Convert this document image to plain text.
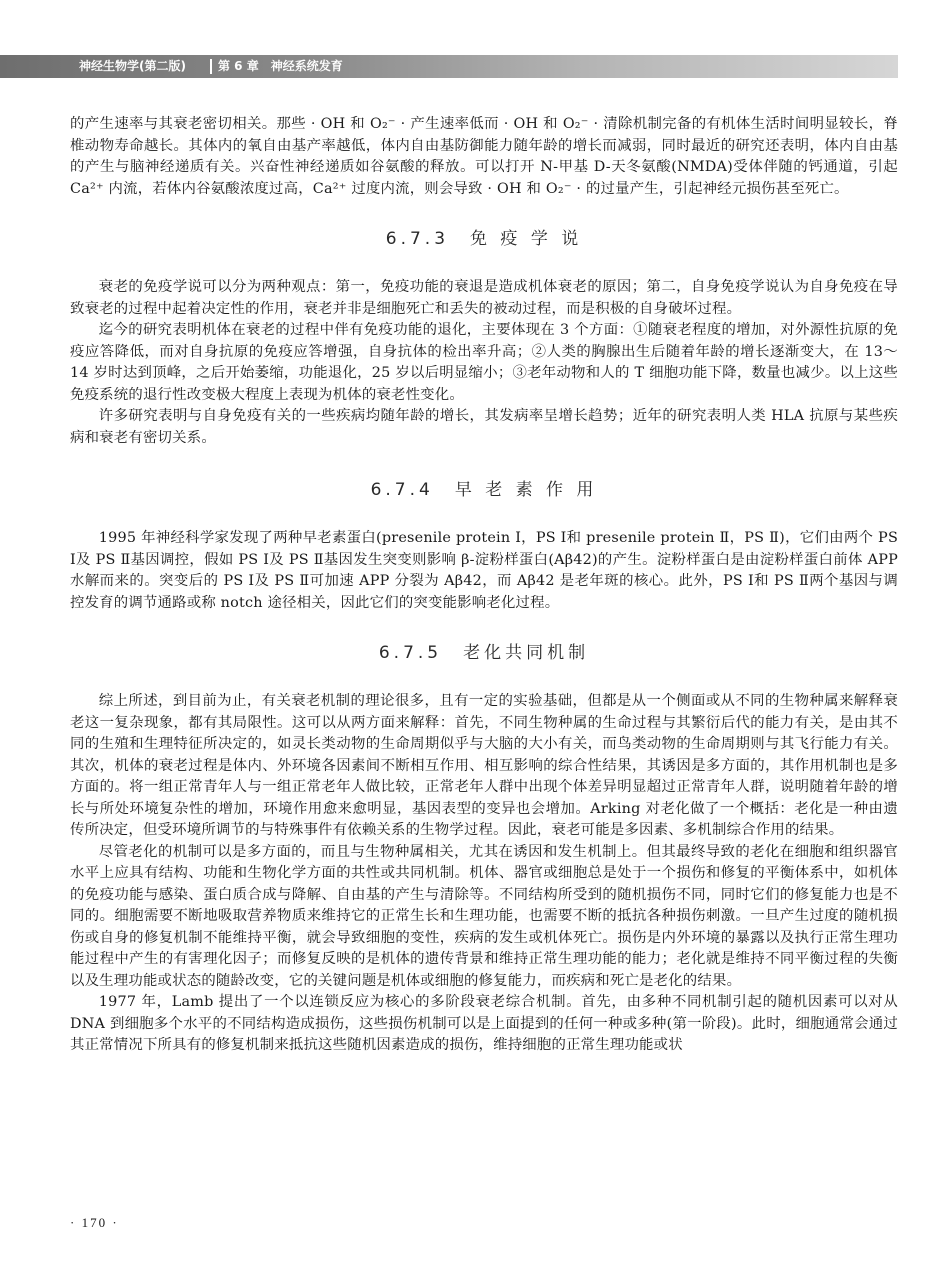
神经生物学(第二版)	第 6 章　神经系统发育

的产生速率与其衰老密切相关。那些 · OH 和 O₂⁻ · 产生速率低而 · OH 和 O₂⁻ · 清除机制完备的有机体生活时间明显较长，脊椎动物寿命越长。其体内的氧自由基产率越低，体内自由基防御能力随年龄的增长而减弱，同时最近的研究还表明，体内自由基的产生与脑神经递质有关。兴奋性神经递质如谷氨酸的释放。可以打开 N-甲基 D-天冬氨酸(NMDA)受体伴随的钙通道，引起 Ca²⁺ 内流，若体内谷氨酸浓度过高，Ca²⁺ 过度内流，则会导致 · OH 和 O₂⁻ · 的过量产生，引起神经元损伤甚至死亡。

6.7.3　免 疫 学 说

衰老的免疫学说可以分为两种观点：第一，免疫功能的衰退是造成机体衰老的原因；第二，自身免疫学说认为自身免疫在导致衰老的过程中起着决定性的作用，衰老并非是细胞死亡和丢失的被动过程，而是积极的自身破坏过程。

迄今的研究表明机体在衰老的过程中伴有免疫功能的退化，主要体现在 3 个方面：①随衰老程度的增加，对外源性抗原的免疫应答降低，而对自身抗原的免疫应答增强，自身抗体的检出率升高；②人类的胸腺出生后随着年龄的增长逐渐变大，在 13～14 岁时达到顶峰，之后开始萎缩，功能退化，25 岁以后明显缩小；③老年动物和人的 T 细胞功能下降，数量也减少。以上这些免疫系统的退行性改变极大程度上表现为机体的衰老性变化。

许多研究表明与自身免疫有关的一些疾病均随年龄的增长，其发病率呈增长趋势；近年的研究表明人类 HLA 抗原与某些疾病和衰老有密切关系。

6.7.4　早 老 素 作 用

1995 年神经科学家发现了两种早老素蛋白(presenile protein Ⅰ，PS Ⅰ和 presenile protein Ⅱ，PS Ⅱ)，它们由两个 PS Ⅰ及 PS Ⅱ基因调控，假如 PS Ⅰ及 PS Ⅱ基因发生突变则影响 β-淀粉样蛋白(Aβ42)的产生。淀粉样蛋白是由淀粉样蛋白前体 APP 水解而来的。突变后的 PS Ⅰ及 PS Ⅱ可加速 APP 分裂为 Aβ42，而 Aβ42 是老年斑的核心。此外，PS Ⅰ和 PS Ⅱ两个基因与调控发育的调节通路或称 notch 途径相关，因此它们的突变能影响老化过程。

6.7.5　老化共同机制

综上所述，到目前为止，有关衰老机制的理论很多，且有一定的实验基础，但都是从一个侧面或从不同的生物种属来解释衰老这一复杂现象，都有其局限性。这可以从两方面来解释：首先，不同生物种属的生命过程与其繁衍后代的能力有关，是由其不同的生殖和生理特征所决定的，如灵长类动物的生命周期似乎与大脑的大小有关，而鸟类动物的生命周期则与其飞行能力有关。其次，机体的衰老过程是体内、外环境各因素间不断相互作用、相互影响的综合性结果，其诱因是多方面的，其作用机制也是多方面的。将一组正常青年人与一组正常老年人做比较，正常老年人群中出现个体差异明显超过正常青年人群，说明随着年龄的增长与所处环境复杂性的增加，环境作用愈来愈明显，基因表型的变异也会增加。Arking 对老化做了一个概括：老化是一种由遗传所决定，但受环境所调节的与特殊事件有依赖关系的生物学过程。因此，衰老可能是多因素、多机制综合作用的结果。

尽管老化的机制可以是多方面的，而且与生物种属相关，尤其在诱因和发生机制上。但其最终导致的老化在细胞和组织器官水平上应具有结构、功能和生物化学方面的共性或共同机制。机体、器官或细胞总是处于一个损伤和修复的平衡体系中，如机体的免疫功能与感染、蛋白质合成与降解、自由基的产生与清除等。不同结构所受到的随机损伤不同，同时它们的修复能力也是不同的。细胞需要不断地吸取营养物质来维持它的正常生长和生理功能，也需要不断的抵抗各种损伤刺激。一旦产生过度的随机损伤或自身的修复机制不能维持平衡，就会导致细胞的变性，疾病的发生或机体死亡。损伤是内外环境的暴露以及执行正常生理功能过程中产生的有害理化因子；而修复反映的是机体的遗传背景和维持正常生理功能的能力；老化就是维持不同平衡过程的失衡以及生理功能或状态的随龄改变，它的关键问题是机体或细胞的修复能力，而疾病和死亡是老化的结果。

1977 年，Lamb 提出了一个以连锁反应为核心的多阶段衰老综合机制。首先，由多种不同机制引起的随机因素可以对从 DNA 到细胞多个水平的不同结构造成损伤，这些损伤机制可以是上面提到的任何一种或多种(第一阶段)。此时，细胞通常会通过其正常情况下所具有的修复机制来抵抗这些随机因素造成的损伤，维持细胞的正常生理功能或状

· 170 ·
